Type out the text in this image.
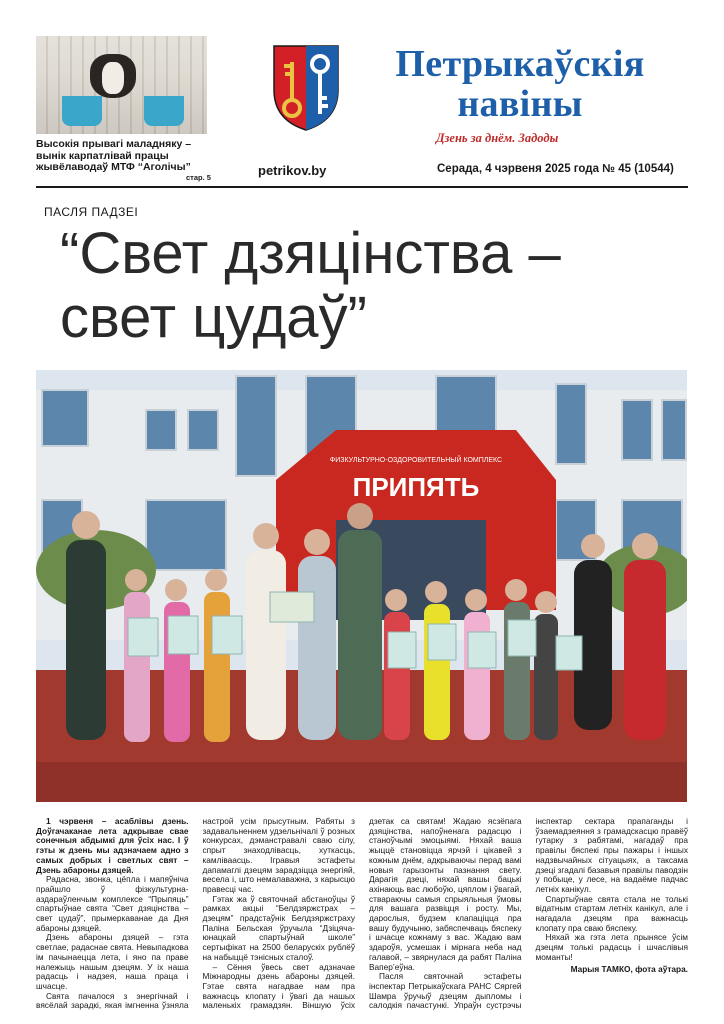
Высокія прывагі маладняку – вынік карпатлівай працы жывёлаводаў МТФ “Аголічы”
стар. 5	petrikov.by
Петрыкаўскія
навіны
Дзень за днём. Задоды
Серада, 4 чэрвеня 2025 года № 45 (10544)
ПАСЛЯ ПАДЗЕІ
“Свет дзяцінства –
свет цудаў”
ПРИПЯТЬ
ФИЗКУЛЬТУРНО-ОЗДОРОВИТЕЛЬНЫЙ КОМПЛЕКС

1 чэрвеня – асаблівы дзень. Доўгачаканае лета адкрывае свае сонечныя абдымкі для ўсіх нас. І ў гэты ж дзень мы адзначаем адно з самых добрых і светлых свят – Дзень абароны дзяцей.

Радасна, звонка, цёпла і мапяўніча прайшло ў фізкультурна-аздараўленчым комплексе “Прыпяць” спартыўнае свята “Свет дзяцінства – свет цудаў”, прымеркаванае да Дня абароны дзяцей.

Дзень абароны дзяцей – гэта светлае, радаснае свята. Невыпадкова ім пачынаецца лета, і яно па праве належыць нашым дзецям. У іх наша радасць і надзея, наша праца і шчасце.

Свята пачалося з энергічнай і вясёлай зарадкі, якая імгненна ўзняла настрой усім прысутным. Рабяты з задавальненнем удзельнічалі ў розных конкурсах, дэманстравалі сваю сілу, спрыт знаходлівасць, хуткасць, камліваасць. Ігравыя эстафеты дапамаглі дзецям зарадзіцца энергіяй, весела і, што немалаважна, з карысцю правесці час.

Гэтак жа ў святочнай абстаноўцы ў рамках акцыі “Белдзяржстрах – дзецям” прадстаўнік Белдзяржстраху Паліна Бельская ўручыла “Дзіцяча-юнацкай спартыўнай школе” сертыфікат на 2500 беларускіх рублёў на набыццё тэнісных сталоў.

– Сёння ўвесь свет адзначае Міжнародны дзень абароны дзяцей. Гэтае свята нагадвае нам пра важнасць клопату і ўвагі да нашых маленькіх грамадзян. Віншую ўсіх дзетак са святам! Жадаю ясзёпага дзяцінства, напоўненага радасцю і станоўчымі эмоцыямі. Няхай ваша жыццё становіцца ярчэй і цікавей з кожным днём, адкрываючы перад вамі новыя гарызонты пазнання свету. Дарагія дзеці, няхай вашы бацькі ахінаюць вас любоўю, цяплом і ўвагай, ствараючы самыя спрыяльныя ўмовы для вашага развіцця і росту. Мы, дарослыя, будзем клапаціцца пра вашу будучыню, забяспечваць бяспеку і шчасце кожнаму з вас. Жадаю вам здароўя, усмешак і мірнага неба над галавой, – звярнулася да рабят Паліна Вапер’еўна.

Пасля святочнай эстафеты інспектар Петрыкаўскага РАНС Сяргей Шамра ўручыў дзецям дыпломы і салодкія пачастункі. Упраўн сустрэчы інспектар сектара прапаганды і ўзаемадзеяння з грамадскасцю правёў гутарку з рабятамі, нагадаў пра правілы бяспекі пры пажары і іншых надзвычайных сітуацыях, а таксама дзеці згадалі базавыя правілы паводзін у побыце, у лесе, на вадаёме падчас летніх канікул.

Спартыўнае свята стала не толькі відатным стартам летніх канікул, але і нагадала дзецям пра важнасць клопату пра сваю бяспеку.

Няхай жа гэта лета прынясе ўсім дзецям толькі радасць і шчаслівыя моманты!

Марыя ТАМКО, фота аўтара.
